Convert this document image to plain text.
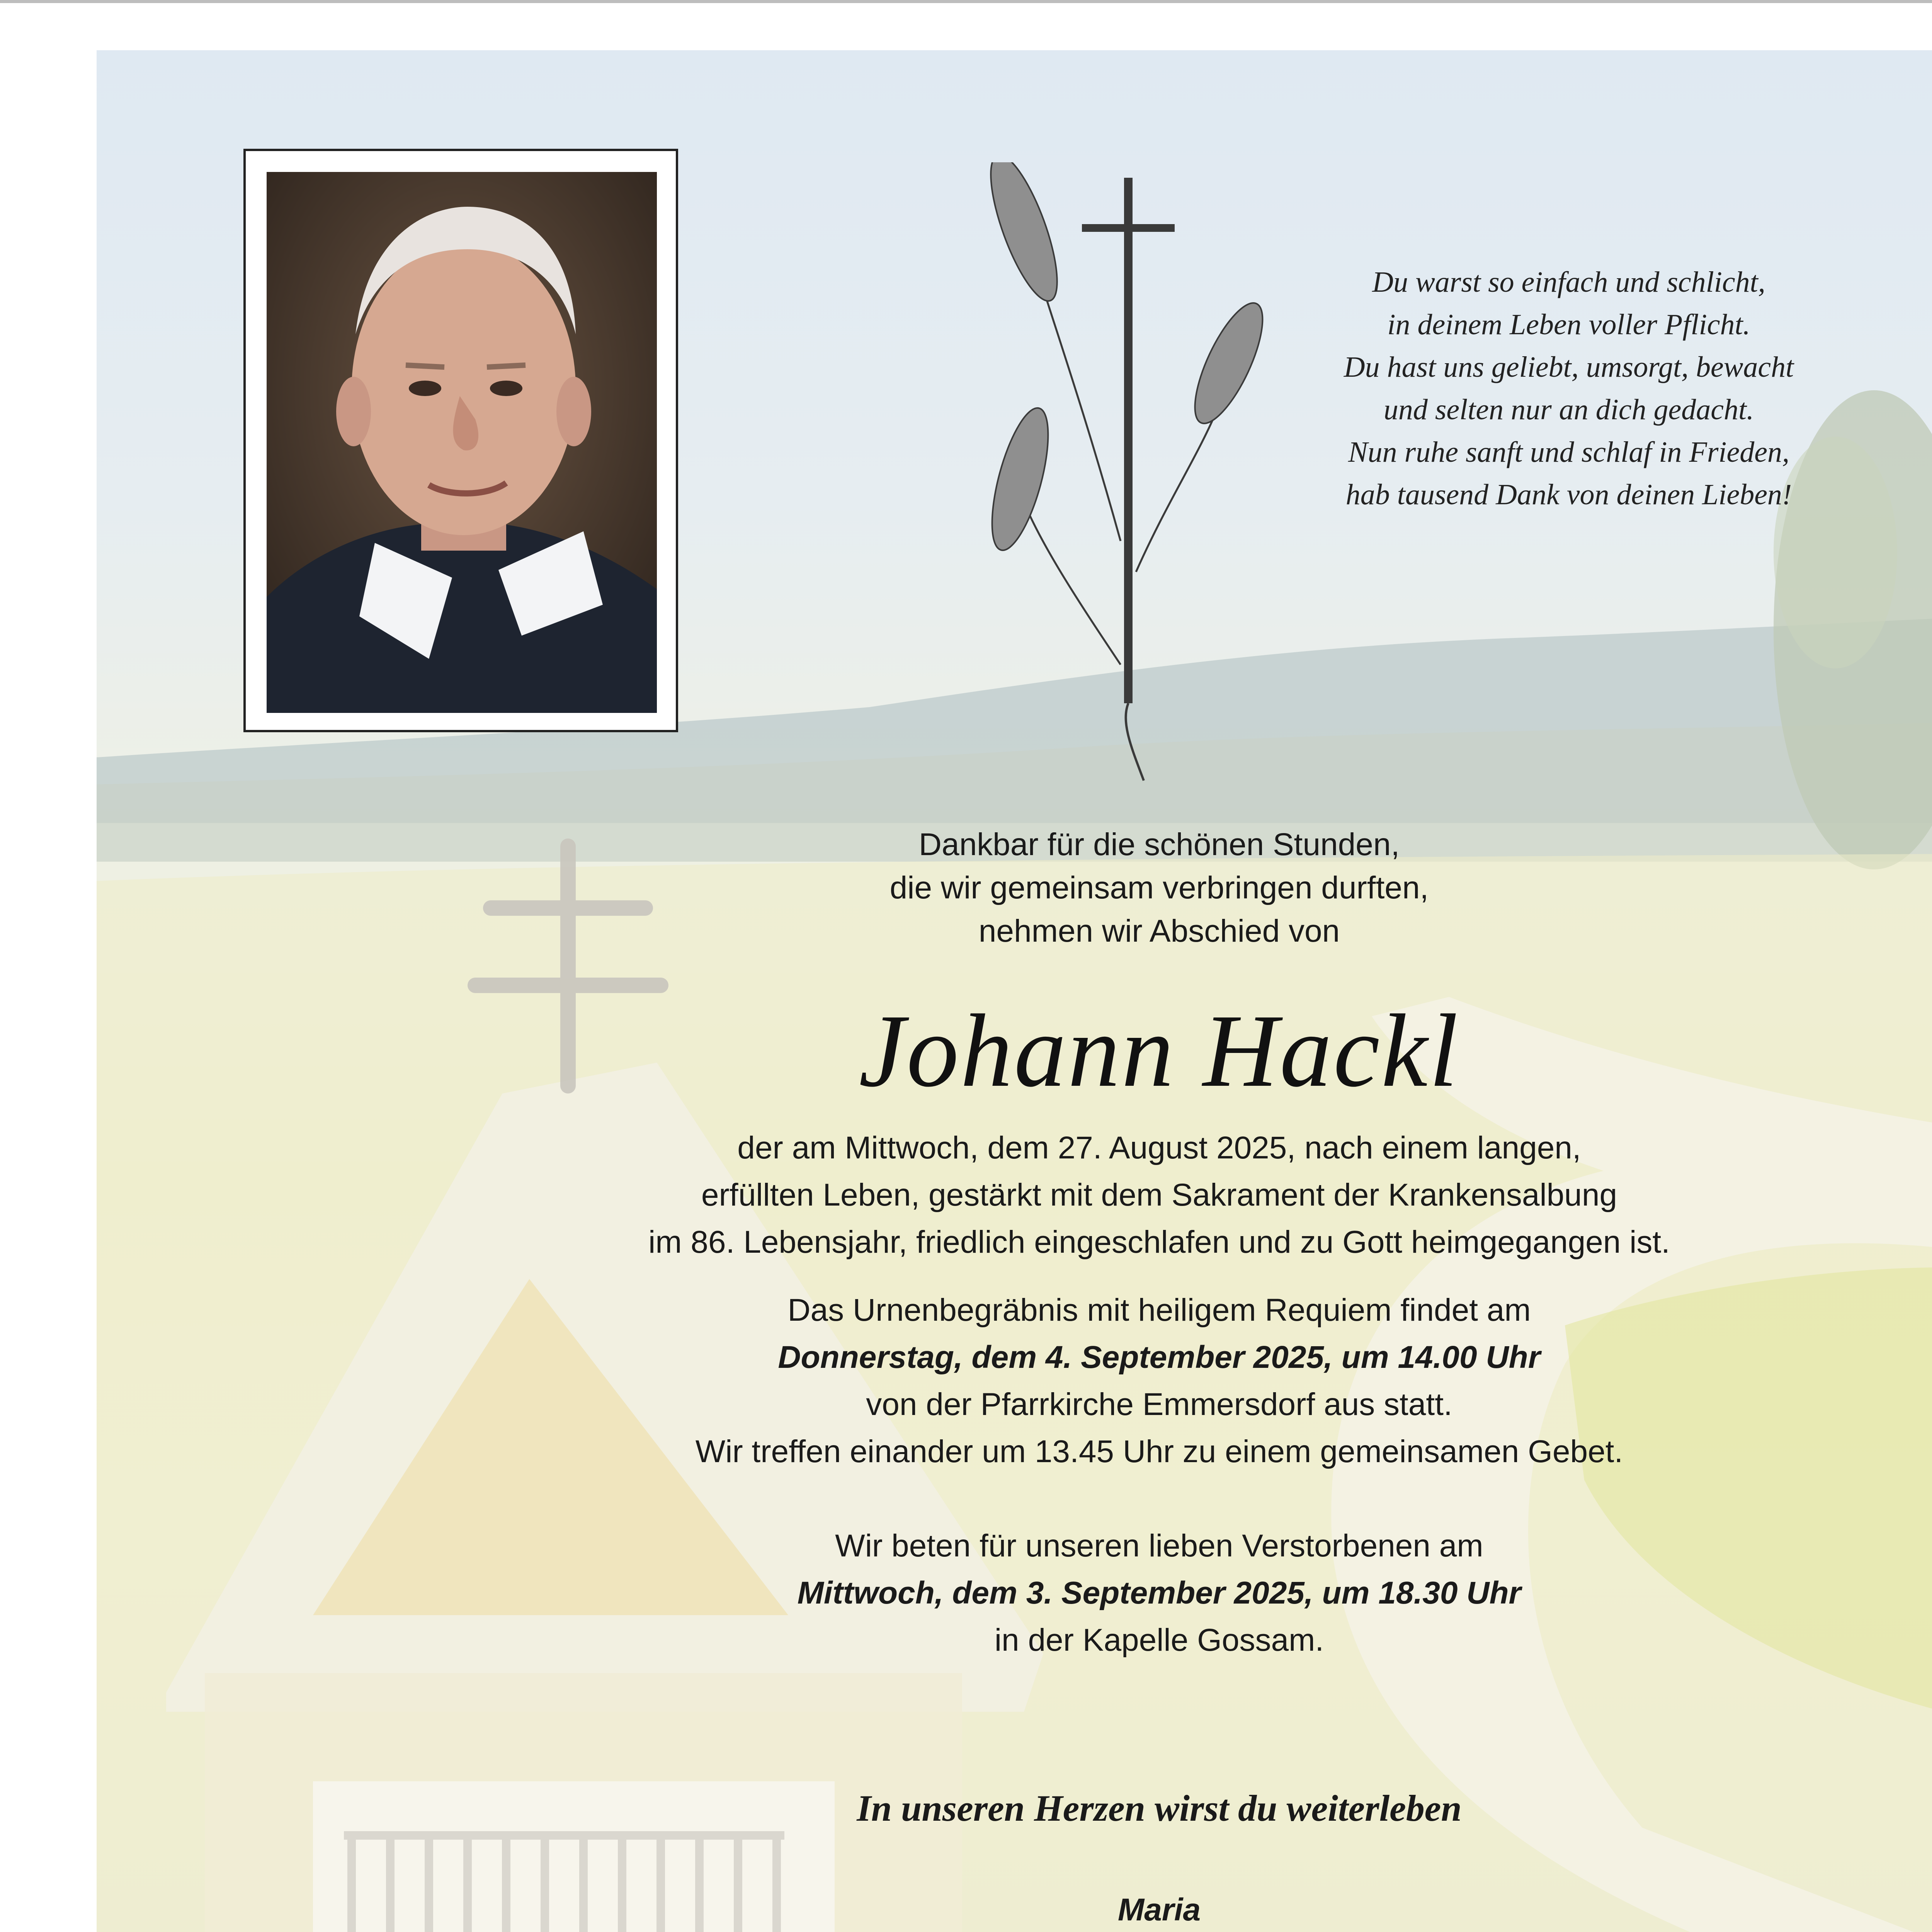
Du warst so einfach und schlicht,
in deinem Leben voller Pflicht.
Du hast uns geliebt, umsorgt, bewacht
und selten nur an dich gedacht.
Nun ruhe sanft und schlaf in Frieden,
hab tausend Dank von deinen Lieben!
Dankbar für die schönen Stunden,
die wir gemeinsam verbringen durften,
nehmen wir Abschied von
Johann Hackl
der am Mittwoch, dem 27. August 2025, nach einem langen,
erfüllten Leben, gestärkt mit dem Sakrament der Krankensalbung
im 86. Lebensjahr, friedlich eingeschlafen und zu Gott heimgegangen ist.
Das Urnenbegräbnis mit heiligem Requiem findet am
Donnerstag, dem 4. September 2025, um 14.00 Uhr
von der Pfarrkirche Emmersdorf aus statt.
Wir treffen einander um 13.45 Uhr zu einem gemeinsamen Gebet.
Wir beten für unseren lieben Verstorbenen am
Mittwoch, dem 3. September 2025, um 18.30 Uhr
in der Kapelle Gossam.
In unseren Herzen wirst du weiterleben
Maria
